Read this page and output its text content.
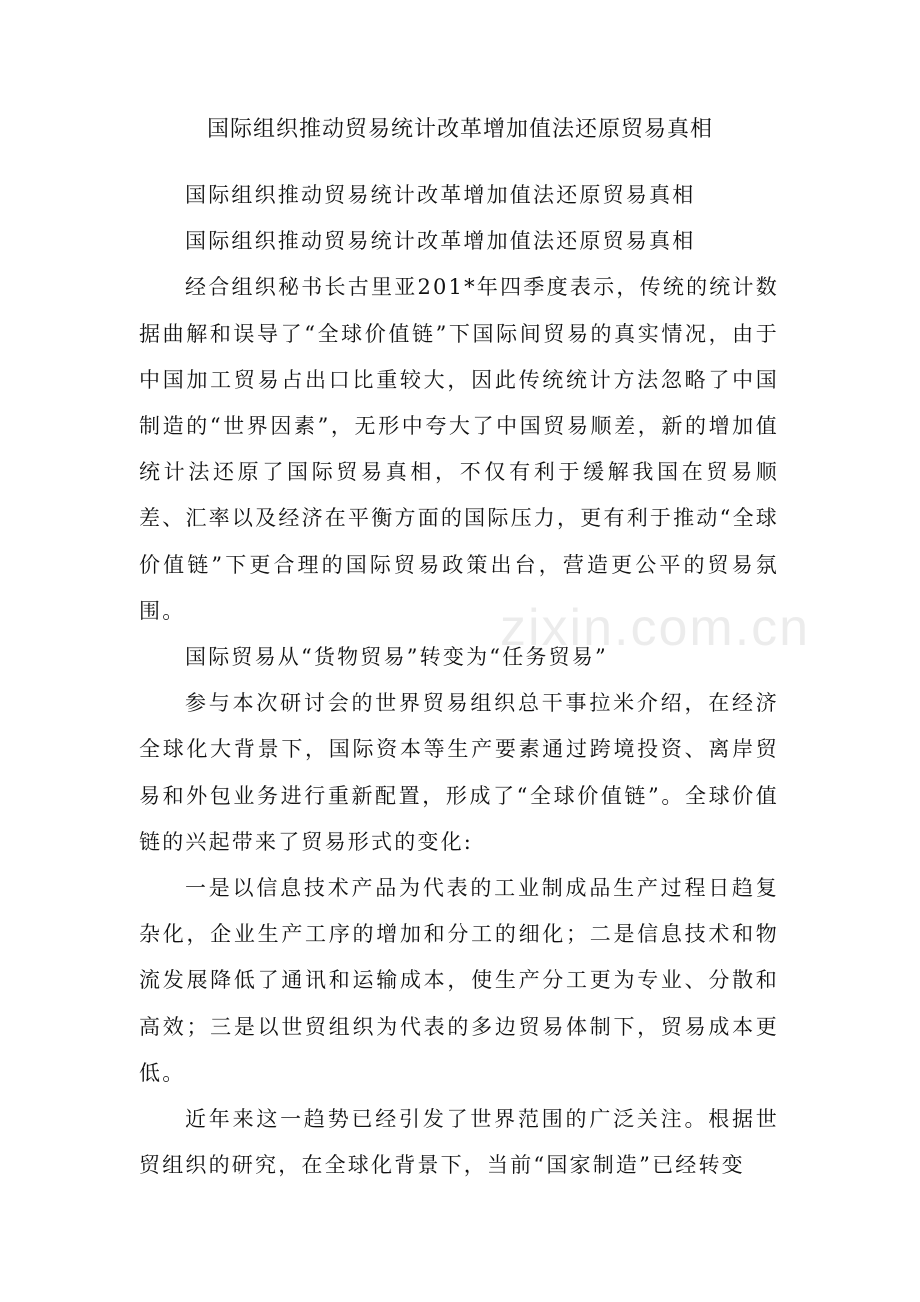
国际组织推动贸易统计改革增加值法还原贸易真相

国际组织推动贸易统计改革增加值法还原贸易真相

国际组织推动贸易统计改革增加值法还原贸易真相

经合组织秘书长古里亚201*年四季度表示，传统的统计数据曲解和误导了“全球价值链”下国际间贸易的真实情况，由于中国加工贸易占出口比重较大，因此传统统计方法忽略了中国制造的“世界因素”，无形中夸大了中国贸易顺差，新的增加值统计法还原了国际贸易真相，不仅有利于缓解我国在贸易顺差、汇率以及经济在平衡方面的国际压力，更有利于推动“全球价值链”下更合理的国际贸易政策出台，营造更公平的贸易氛围。

国际贸易从“货物贸易”转变为“任务贸易”

参与本次研讨会的世界贸易组织总干事拉米介绍，在经济全球化大背景下，国际资本等生产要素通过跨境投资、离岸贸易和外包业务进行重新配置，形成了“全球价值链”。全球价值链的兴起带来了贸易形式的变化:

一是以信息技术产品为代表的工业制成品生产过程日趋复杂化，企业生产工序的增加和分工的细化；二是信息技术和物流发展降低了通讯和运输成本，使生产分工更为专业、分散和高效；三是以世贸组织为代表的多边贸易体制下，贸易成本更低。

近年来这一趋势已经引发了世界范围的广泛关注。根据世贸组织的研究，在全球化背景下，当前“国家制造”已经转变

zixin.com.cn
